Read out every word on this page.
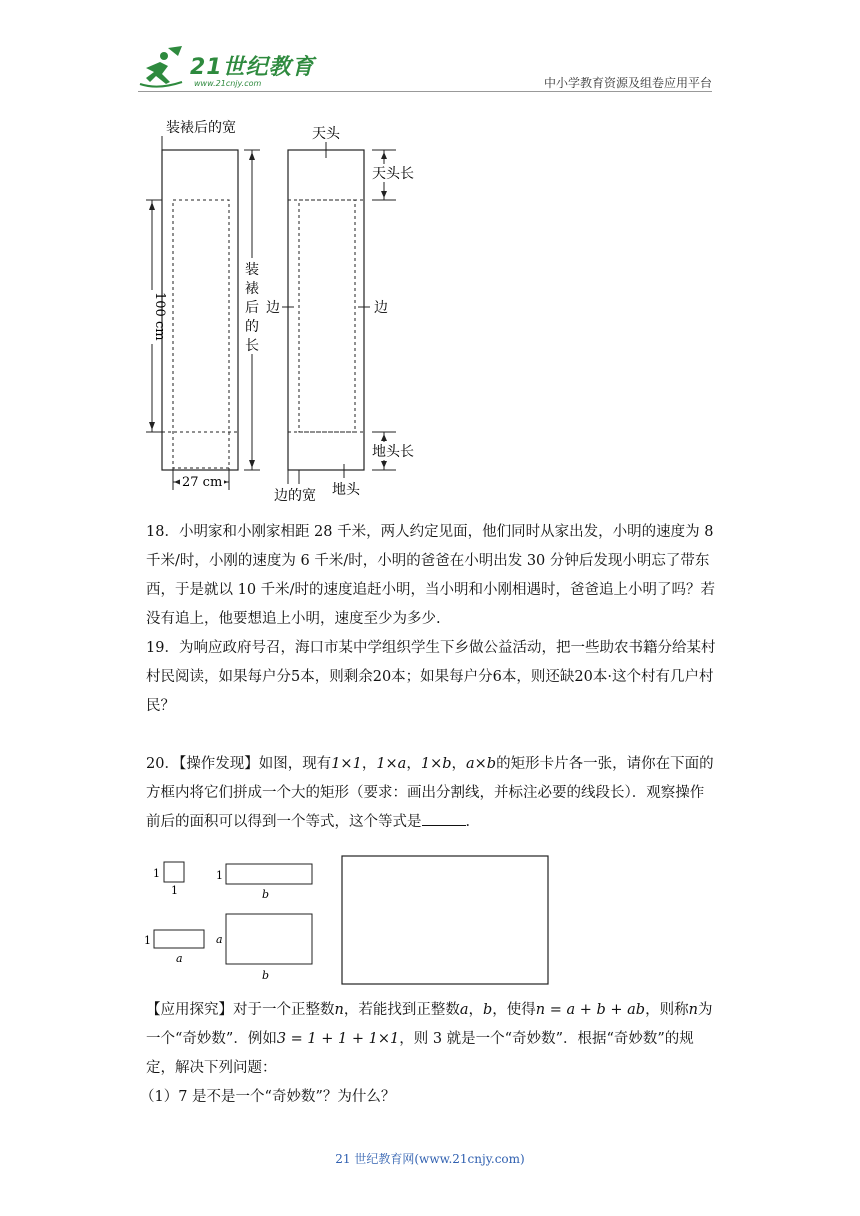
21世纪教育
www.21cnjy.com	中小学教育资源及组卷应用平台
装裱后的宽
100 cm
27 cm
装
裱
后
的
长
天头
天头长
边	边
地头长
边的宽 地头
18．小明家和小刚家相距 28 千米，两人约定见面，他们同时从家出发，小明的速度为 8 千米/时，小刚的速度为 6 千米/时，小明的爸爸在小明出发 30 分钟后发现小明忘了带东西，于是就以 10 千米/时的速度追赶小明，当小明和小刚相遇时，爸爸追上小明了吗？若没有追上，他要想追上小明，速度至少为多少.
19．为响应政府号召，海口市某中学组织学生下乡做公益活动，把一些助农书籍分给某村村民阅读，如果每户分5本，则剩余20本；如果每户分6本，则还缺20本·这个村有几户村民？
20．【操作发现】如图，现有1×1，1×a，1×b，a×b的矩形卡片各一张，请你在下面的方框内将它们拼成一个大的矩形（要求：画出分割线，并标注必要的线段长）．观察操作前后的面积可以得到一个等式，这个等式是	．
1
1
1
b
1
a
a
b
【应用探究】对于一个正整数n，若能找到正整数a，b，使得n = a + b + ab，则称n为一个“奇妙数”．例如3 = 1 + 1 + 1×1，则 3 就是一个“奇妙数”．根据“奇妙数”的规定，解决下列问题：
（1）7 是不是一个“奇妙数”？为什么？
21 世纪教育网(www.21cnjy.com)
